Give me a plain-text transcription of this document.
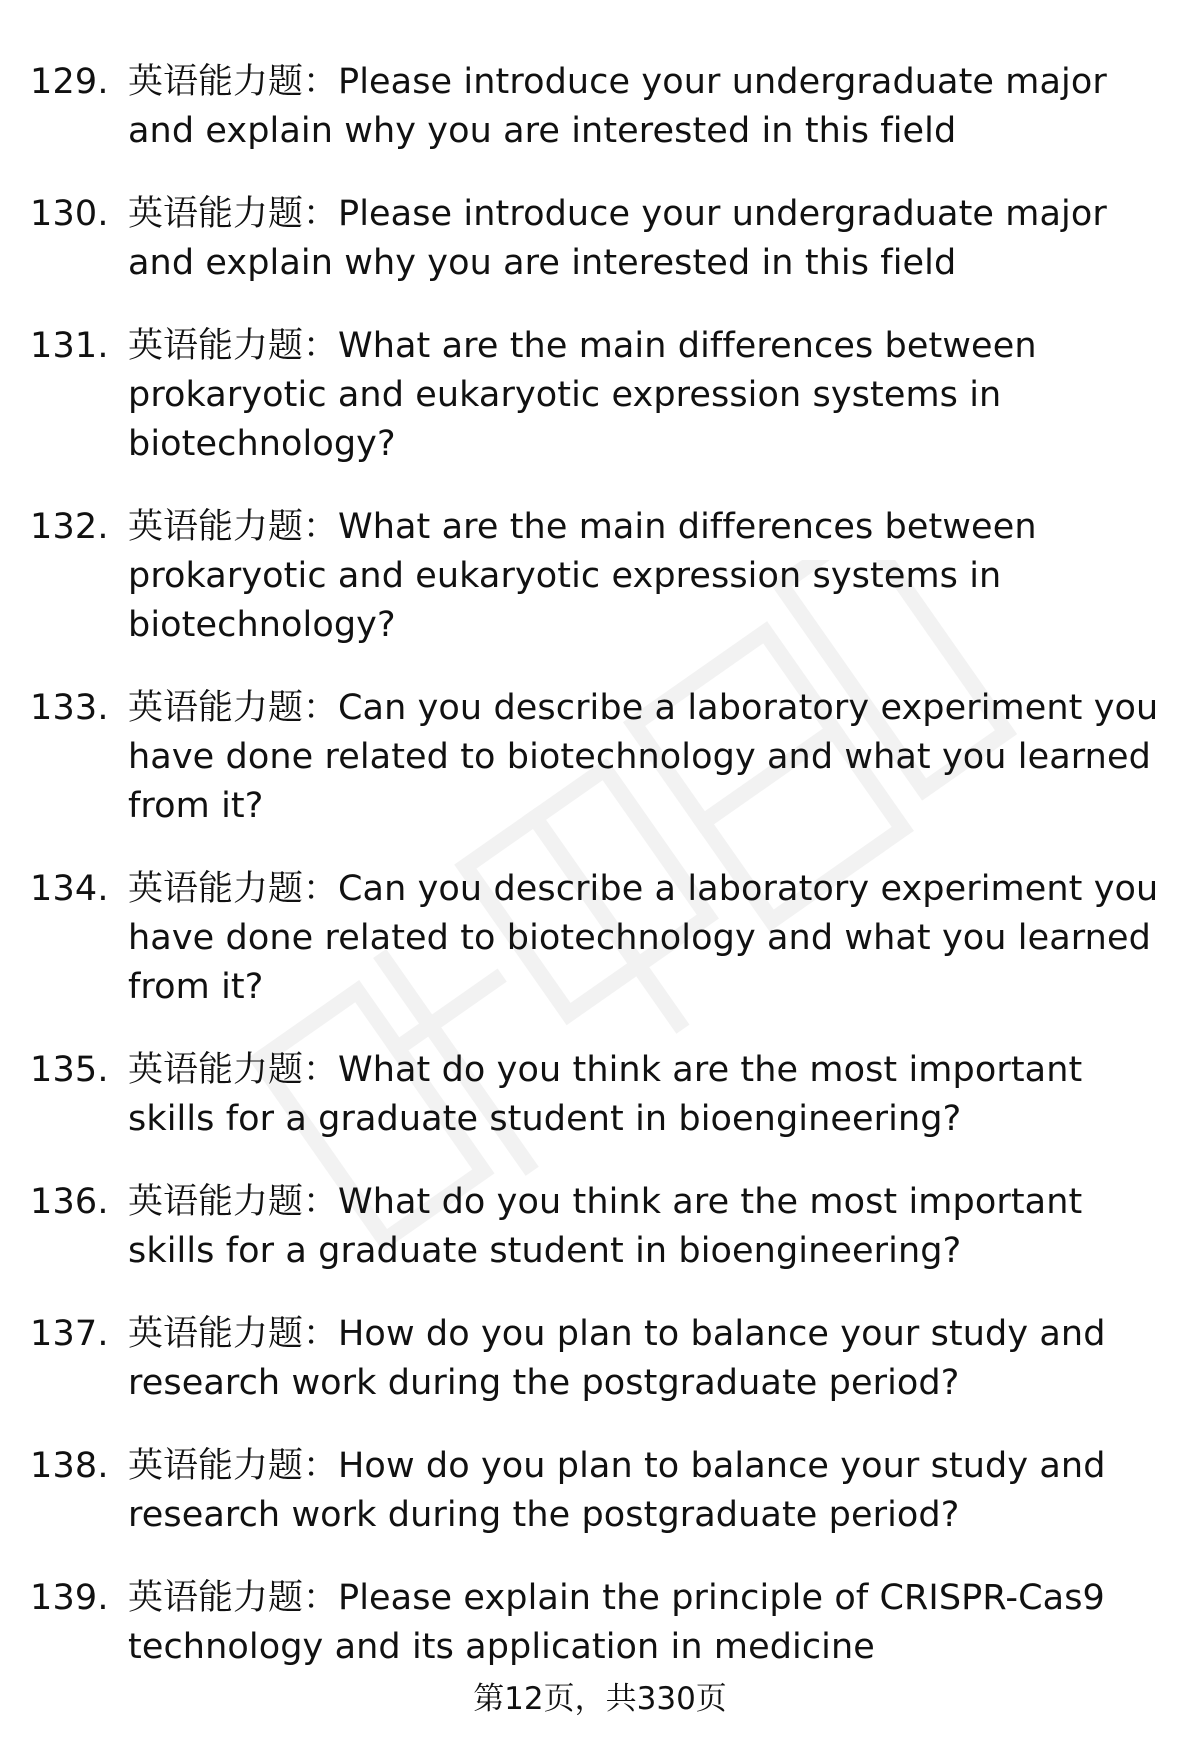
129. 英语能力题：Please introduce your undergraduate major and explain why you are interested in this field
130. 英语能力题：Please introduce your undergraduate major and explain why you are interested in this field
131. 英语能力题：What are the main differences between prokaryotic and eukaryotic expression systems in biotechnology?
132. 英语能力题：What are the main differences between prokaryotic and eukaryotic expression systems in biotechnology?
133. 英语能力题：Can you describe a laboratory experiment you have done related to biotechnology and what you learned from it?
134. 英语能力题：Can you describe a laboratory experiment you have done related to biotechnology and what you learned from it?
135. 英语能力题：What do you think are the most important skills for a graduate student in bioengineering?
136. 英语能力题：What do you think are the most important skills for a graduate student in bioengineering?
137. 英语能力题：How do you plan to balance your study and research work during the postgraduate period?
138. 英语能力题：How do you plan to balance your study and research work during the postgraduate period?
139. 英语能力题：Please explain the principle of CRISPR-Cas9 technology and its application in medicine
第12页，共330页
